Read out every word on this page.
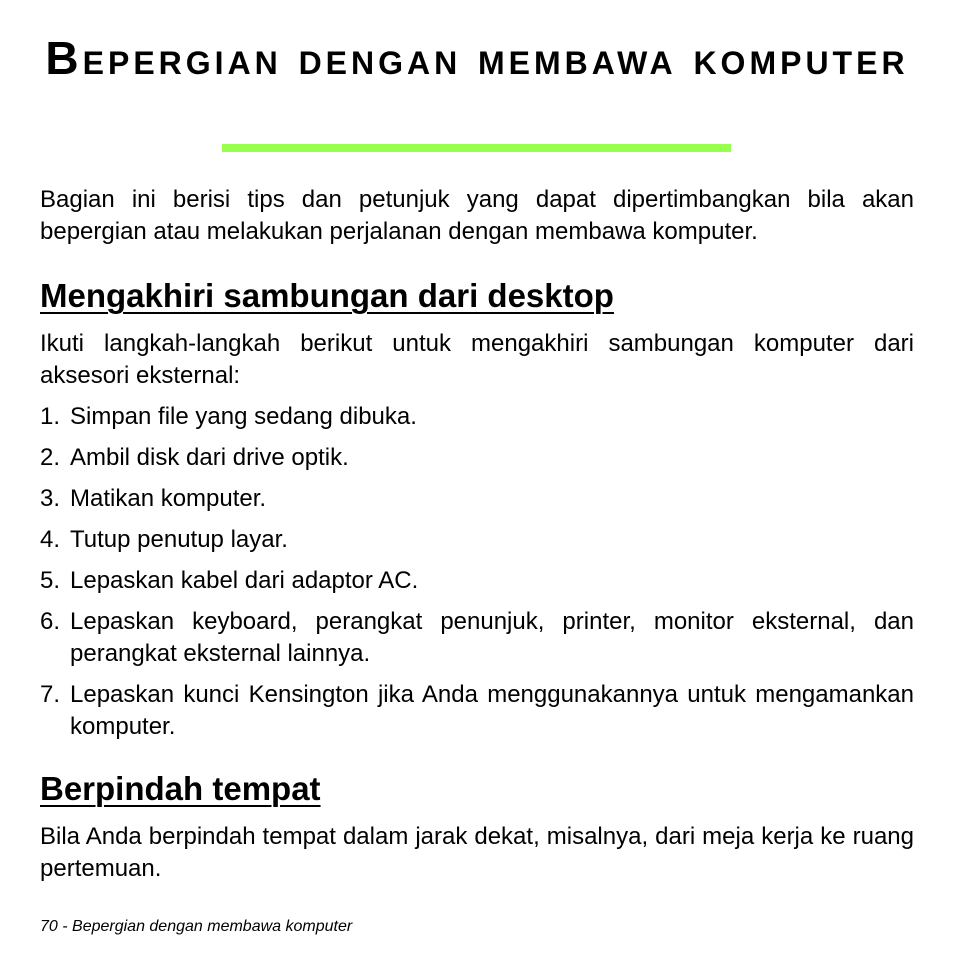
Bepergian dengan membawa komputer

Bagian ini berisi tips dan petunjuk yang dapat dipertimbangkan bila akan bepergian atau melakukan perjalanan dengan membawa komputer.

Mengakhiri sambungan dari desktop

Ikuti langkah-langkah berikut untuk mengakhiri sambungan komputer dari aksesori eksternal:

1. Simpan file yang sedang dibuka.
2. Ambil disk dari drive optik.
3. Matikan komputer.
4. Tutup penutup layar.
5. Lepaskan kabel dari adaptor AC.
6. Lepaskan keyboard, perangkat penunjuk, printer, monitor eksternal, dan perangkat eksternal lainnya.
7. Lepaskan kunci Kensington jika Anda menggunakannya untuk mengamankan komputer.
Berpindah tempat

Bila Anda berpindah tempat dalam jarak dekat, misalnya, dari meja kerja ke ruang pertemuan.

70 - Bepergian dengan membawa komputer
